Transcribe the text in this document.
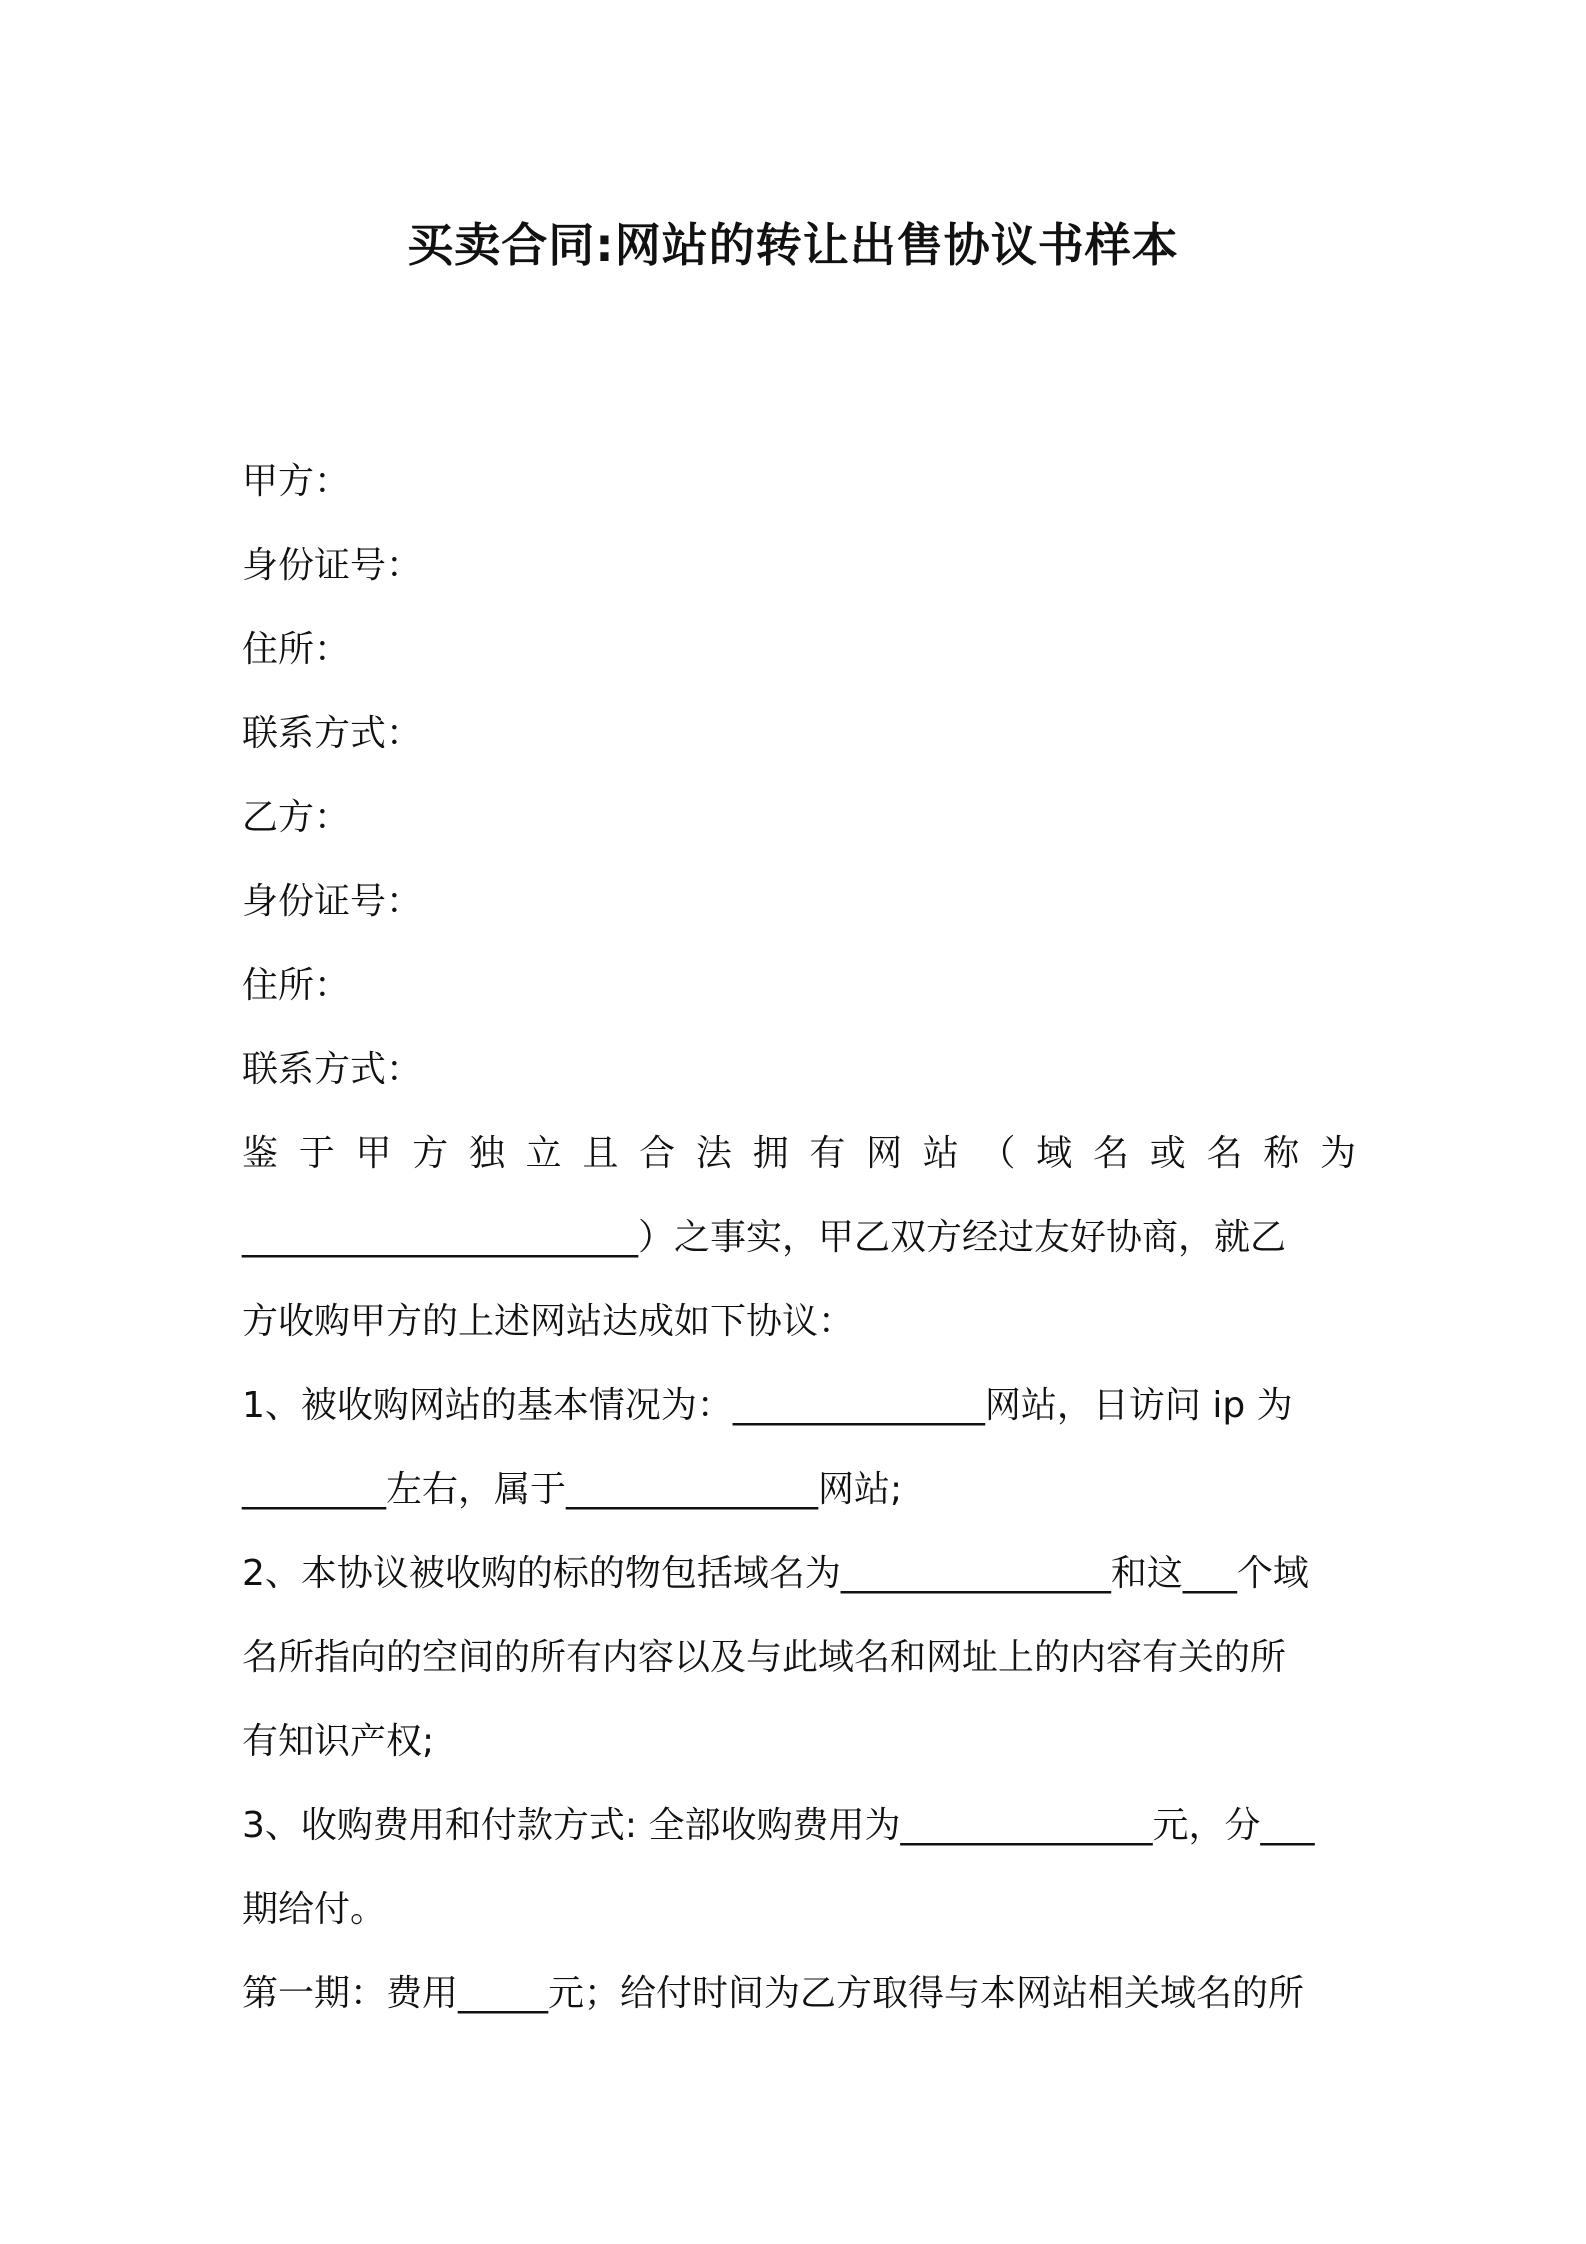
买卖合同:网站的转让出售协议书样本
甲方：
身份证号：
住所：
联系方式：
乙方：
身份证号：
住所：
联系方式：
鉴 于 甲 方 独 立 且 合 法 拥 有 网 站 （ 域 名 或 名 称 为
______________________）之事实，甲乙双方经过友好协商，就乙
方收购甲方的上述网站达成如下协议：
1、被收购网站的基本情况为：______________网站，日访问 ip 为
________左右，属于______________网站;
2、本协议被收购的标的物包括域名为_______________和这___个域
名所指向的空间的所有内容以及与此域名和网址上的内容有关的所
有知识产权;
3、收购费用和付款方式: 全部收购费用为______________元，分___
期给付。
第一期：费用_____元；给付时间为乙方取得与本网站相关域名的所
